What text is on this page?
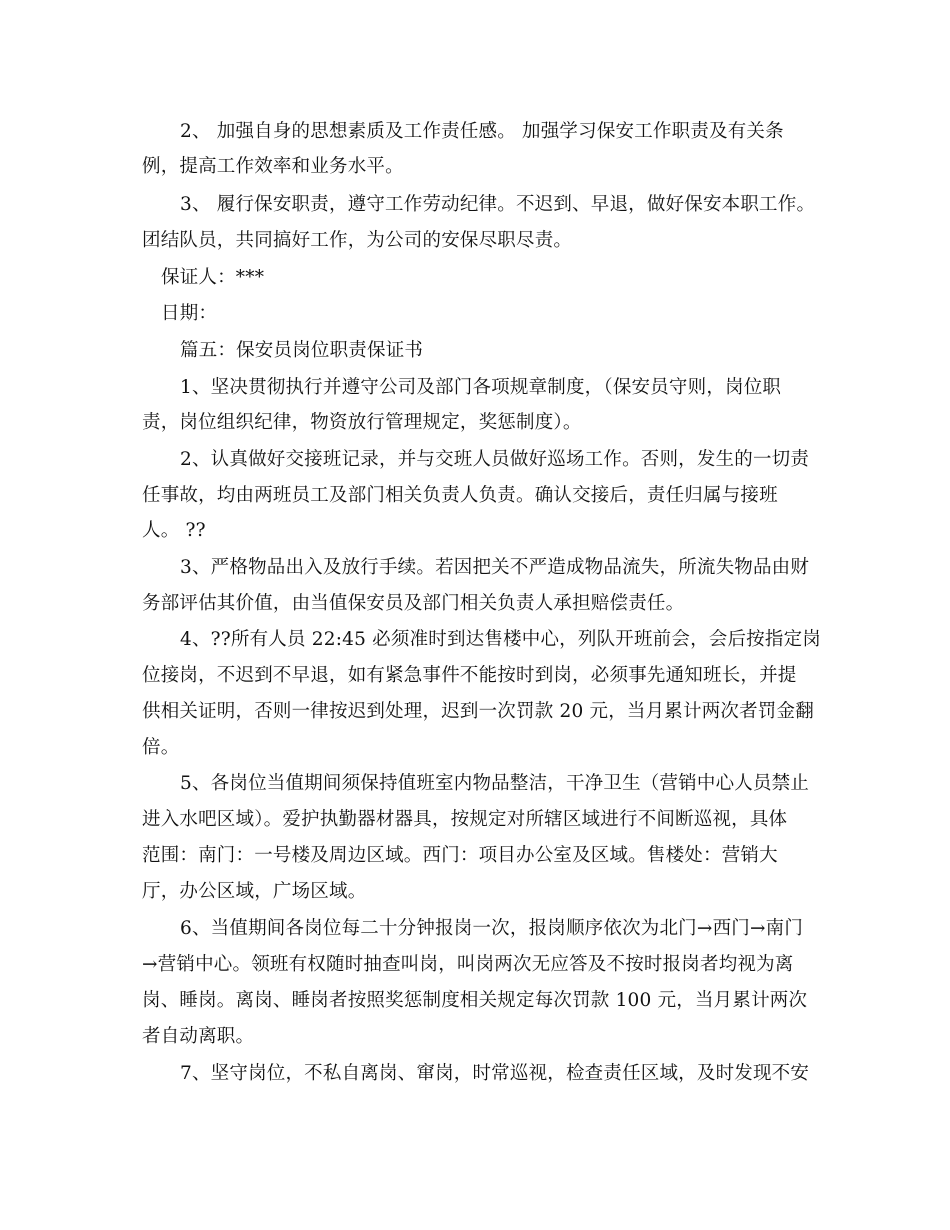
2、 加强自身的思想素质及工作责任感。 加强学习保安工作职责及有关条
例，提高工作效率和业务水平。
3、 履行保安职责，遵守工作劳动纪律。不迟到、早退，做好保安本职工作。
团结队员，共同搞好工作，为公司的安保尽职尽责。
保证人：***
日期：
篇五：保安员岗位职责保证书
1、坚决贯彻执行并遵守公司及部门各项规章制度，（保安员守则，岗位职
责，岗位组织纪律，物资放行管理规定，奖惩制度）。
2、认真做好交接班记录，并与交班人员做好巡场工作。否则，发生的一切责
任事故，均由两班员工及部门相关负责人负责。确认交接后，责任归属与接班
人。 ??
3、严格物品出入及放行手续。若因把关不严造成物品流失，所流失物品由财
务部评估其价值，由当值保安员及部门相关负责人承担赔偿责任。
4、??所有人员 22:45 必须准时到达售楼中心，列队开班前会，会后按指定岗
位接岗，不迟到不早退，如有紧急事件不能按时到岗，必须事先通知班长，并提
供相关证明，否则一律按迟到处理，迟到一次罚款 20 元，当月累计两次者罚金翻
倍。
5、各岗位当值期间须保持值班室内物品整洁，干净卫生（营销中心人员禁止
进入水吧区域）。爱护执勤器材器具，按规定对所辖区域进行不间断巡视，具体
范围：南门：一号楼及周边区域。西门：项目办公室及区域。售楼处：营销大
厅，办公区域，广场区域。
6、当值期间各岗位每二十分钟报岗一次，报岗顺序依次为北门→西门→南门
→营销中心。领班有权随时抽查叫岗，叫岗两次无应答及不按时报岗者均视为离
岗、睡岗。离岗、睡岗者按照奖惩制度相关规定每次罚款 100 元，当月累计两次
者自动离职。
7、坚守岗位，不私自离岗、窜岗，时常巡视，检查责任区域，及时发现不安
